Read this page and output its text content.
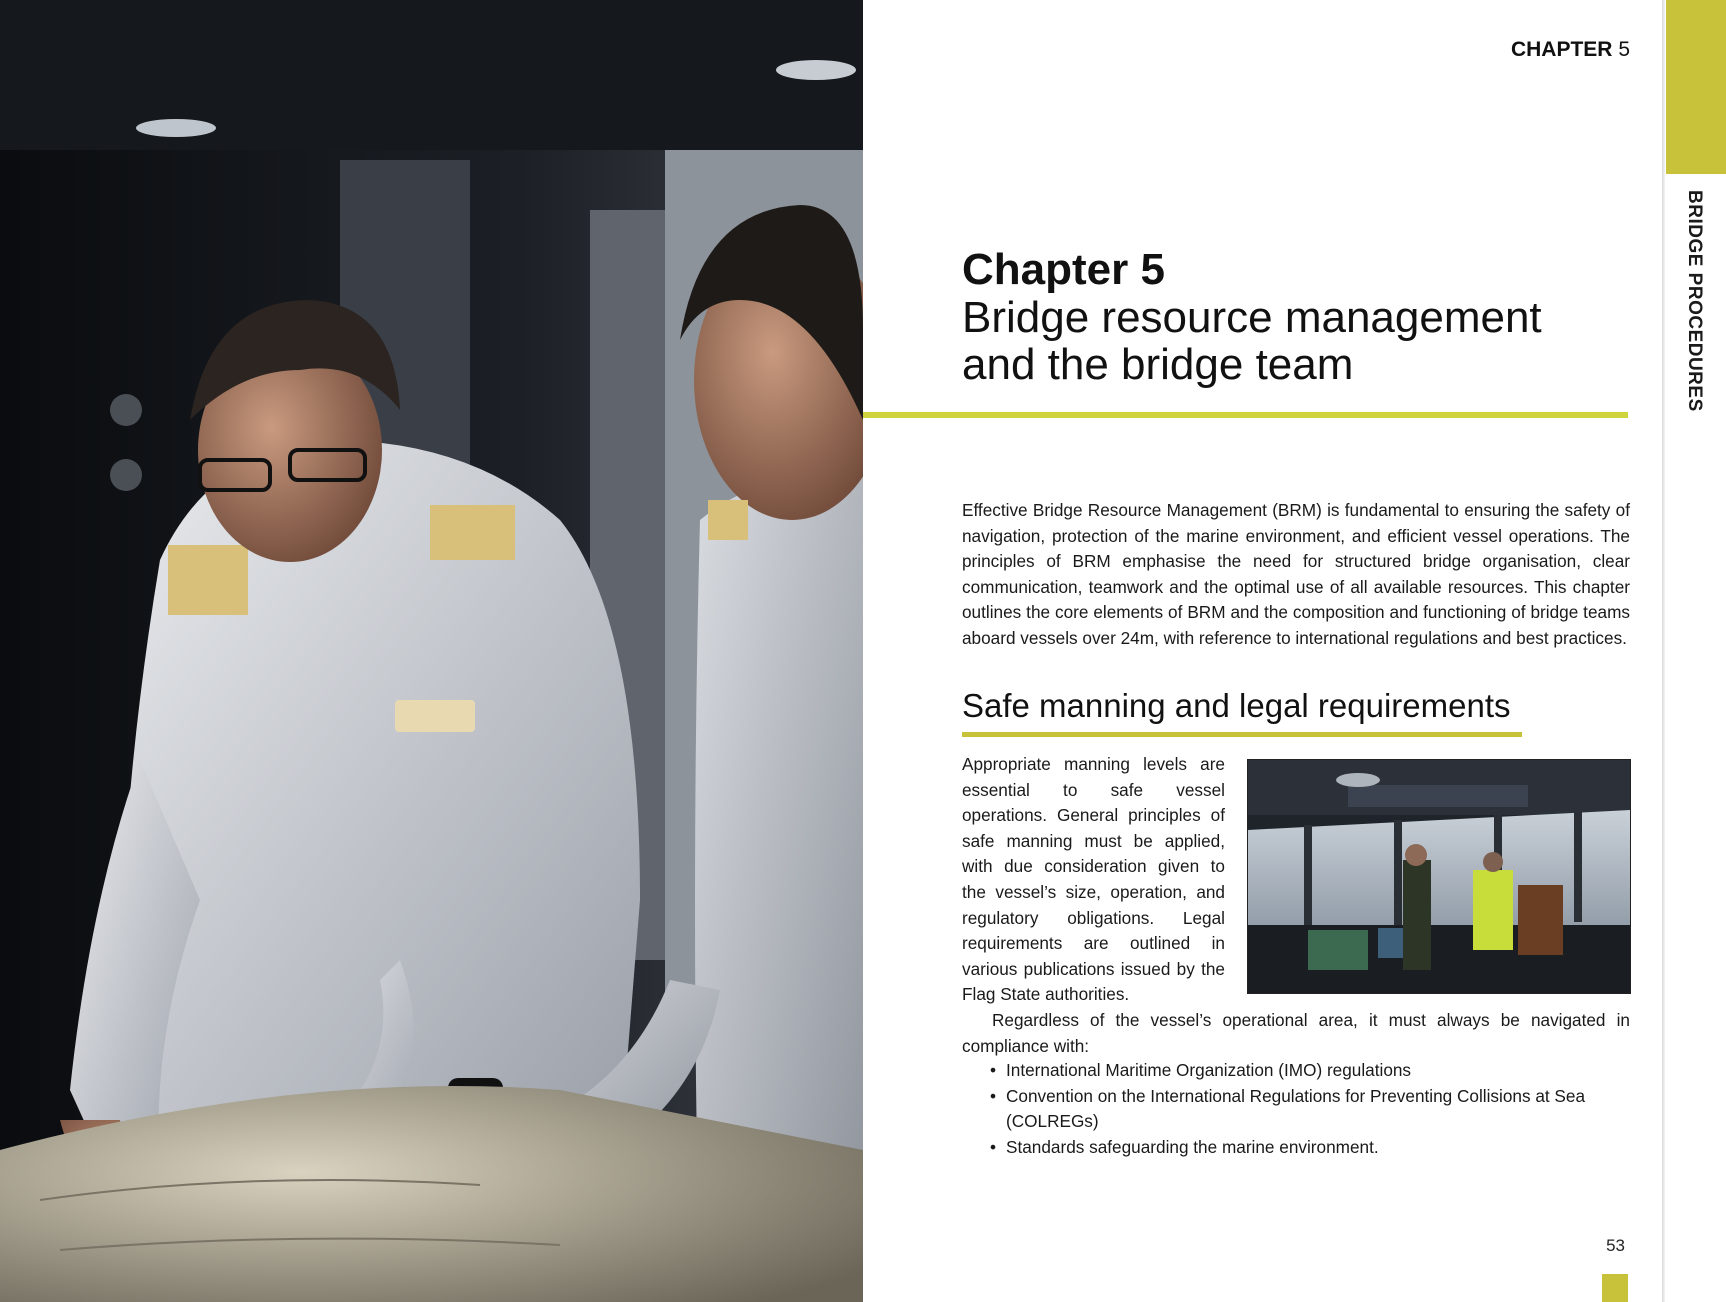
BRIDGE PROCEDURES
CHAPTER 5
Chapter 5
Bridge resource management
and the bridge team

Effective Bridge Resource Management (BRM) is fundamental to ensuring the safety of navigation, protection of the marine environment, and efficient vessel operations. The principles of BRM emphasise the need for structured bridge organisation, clear communication, teamwork and the optimal use of all available resources. This chapter outlines the core elements of BRM and the composition and functioning of bridge teams aboard vessels over 24m, with reference to international regulations and best practices.

Safe manning and legal requirements

Appropriate manning levels are essential to safe vessel operations. General principles of safe manning must be applied, with due consideration given to the vessel’s size, operation, and regulatory obligations. Legal requirements are outlined in various publications issued by the Flag State authorities.

Regardless of the vessel’s operational area, it must always be navigated in compliance with:

• International Maritime Organization (IMO) regulations
• Convention on the International Regulations for Preventing Collisions at Sea (COLREGs)
• Standards safeguarding the marine environment.
53
